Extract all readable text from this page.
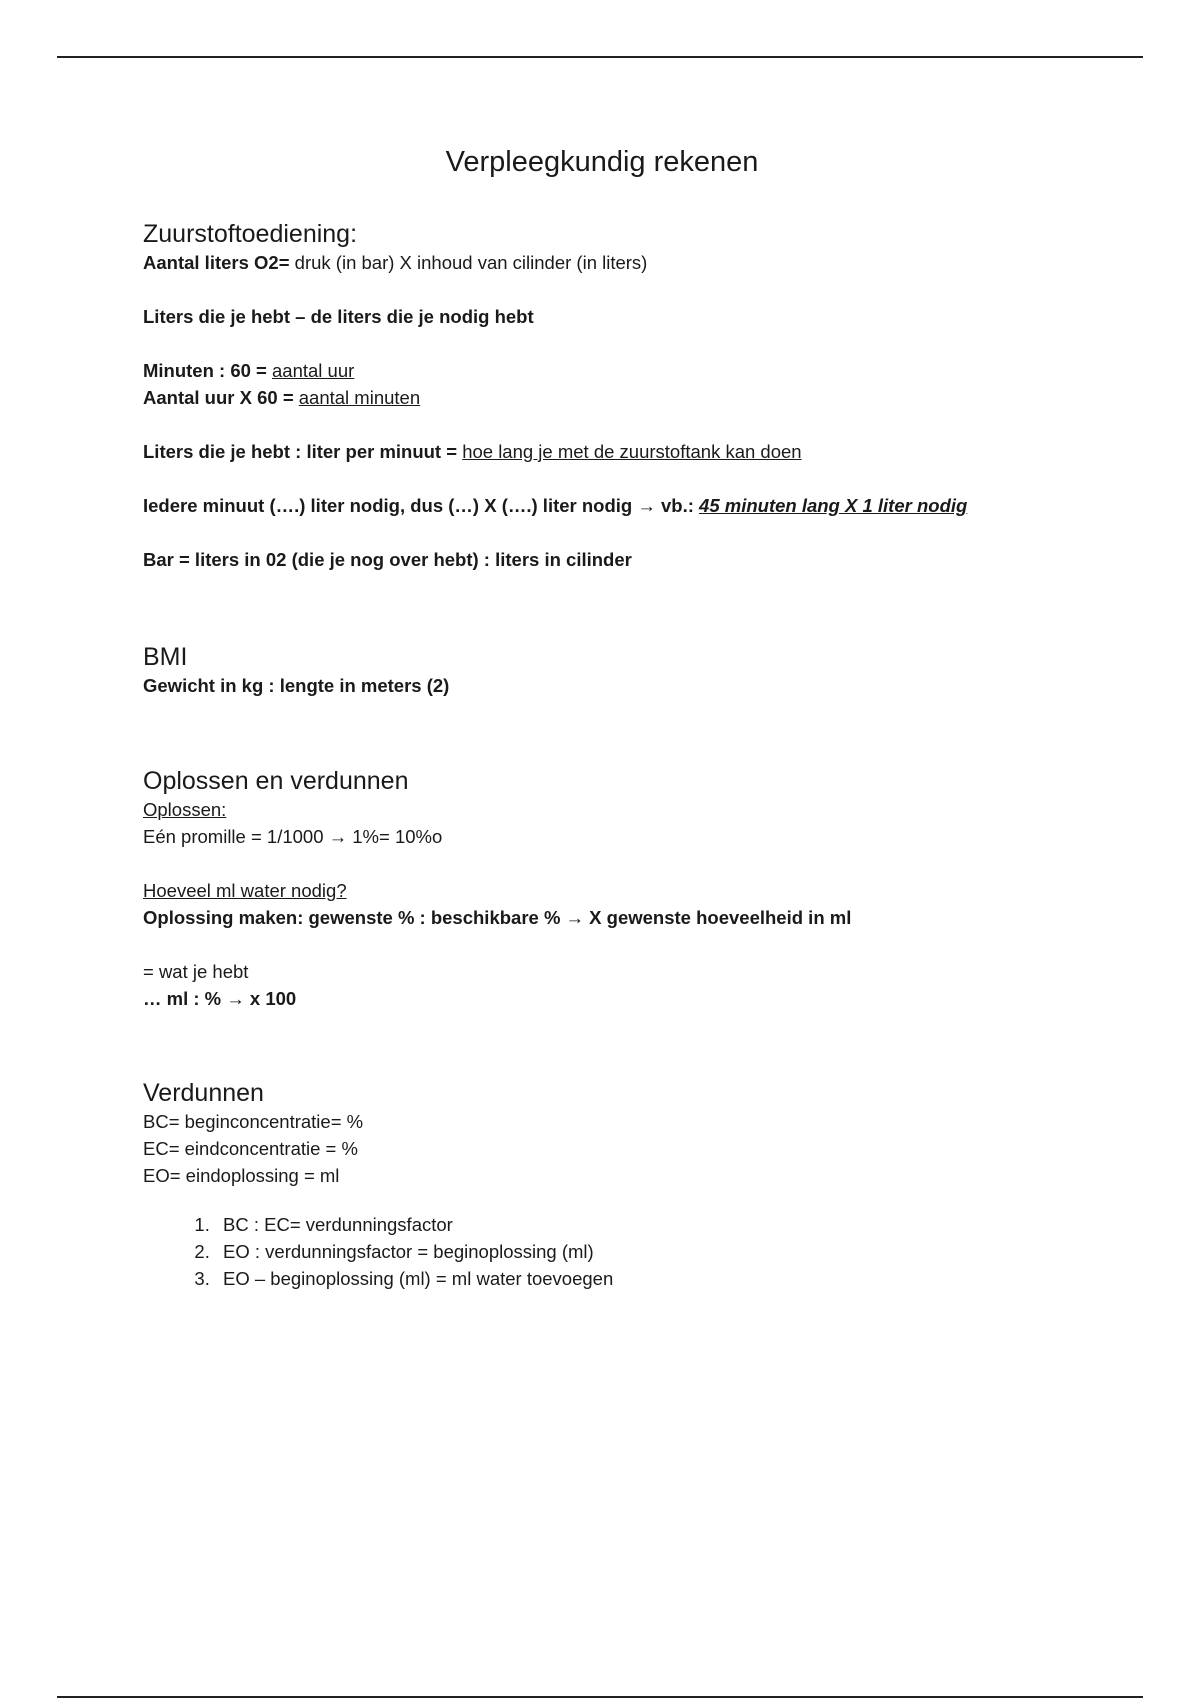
Verpleegkundig rekenen
Zuurstoftoediening:

Aantal liters O2= druk (in bar) X inhoud van cilinder (in liters)

Liters die je hebt – de liters die je nodig hebt

Minuten : 60 = aantal uur

Aantal uur X 60 = aantal minuten

Liters die je hebt : liter per minuut = hoe lang je met de zuurstoftank kan doen

Iedere minuut (….) liter nodig, dus (…) X (….) liter nodig → vb.: 45 minuten lang X 1 liter nodig

Bar = liters in 02 (die je nog over hebt) : liters in cilinder

BMI

Gewicht in kg : lengte in meters (2)

Oplossen en verdunnen

Oplossen:

Eén promille = 1/1000 → 1%= 10%o

Hoeveel ml water nodig?

Oplossing maken: gewenste % : beschikbare % → X gewenste hoeveelheid in ml

= wat je hebt

… ml : % → x 100

Verdunnen

BC= beginconcentratie= %

EC= eindconcentratie = %

EO= eindoplossing = ml

1. BC : EC= verdunningsfactor
2. EO : verdunningsfactor = beginoplossing (ml)
3. EO – beginoplossing (ml) = ml water toevoegen
